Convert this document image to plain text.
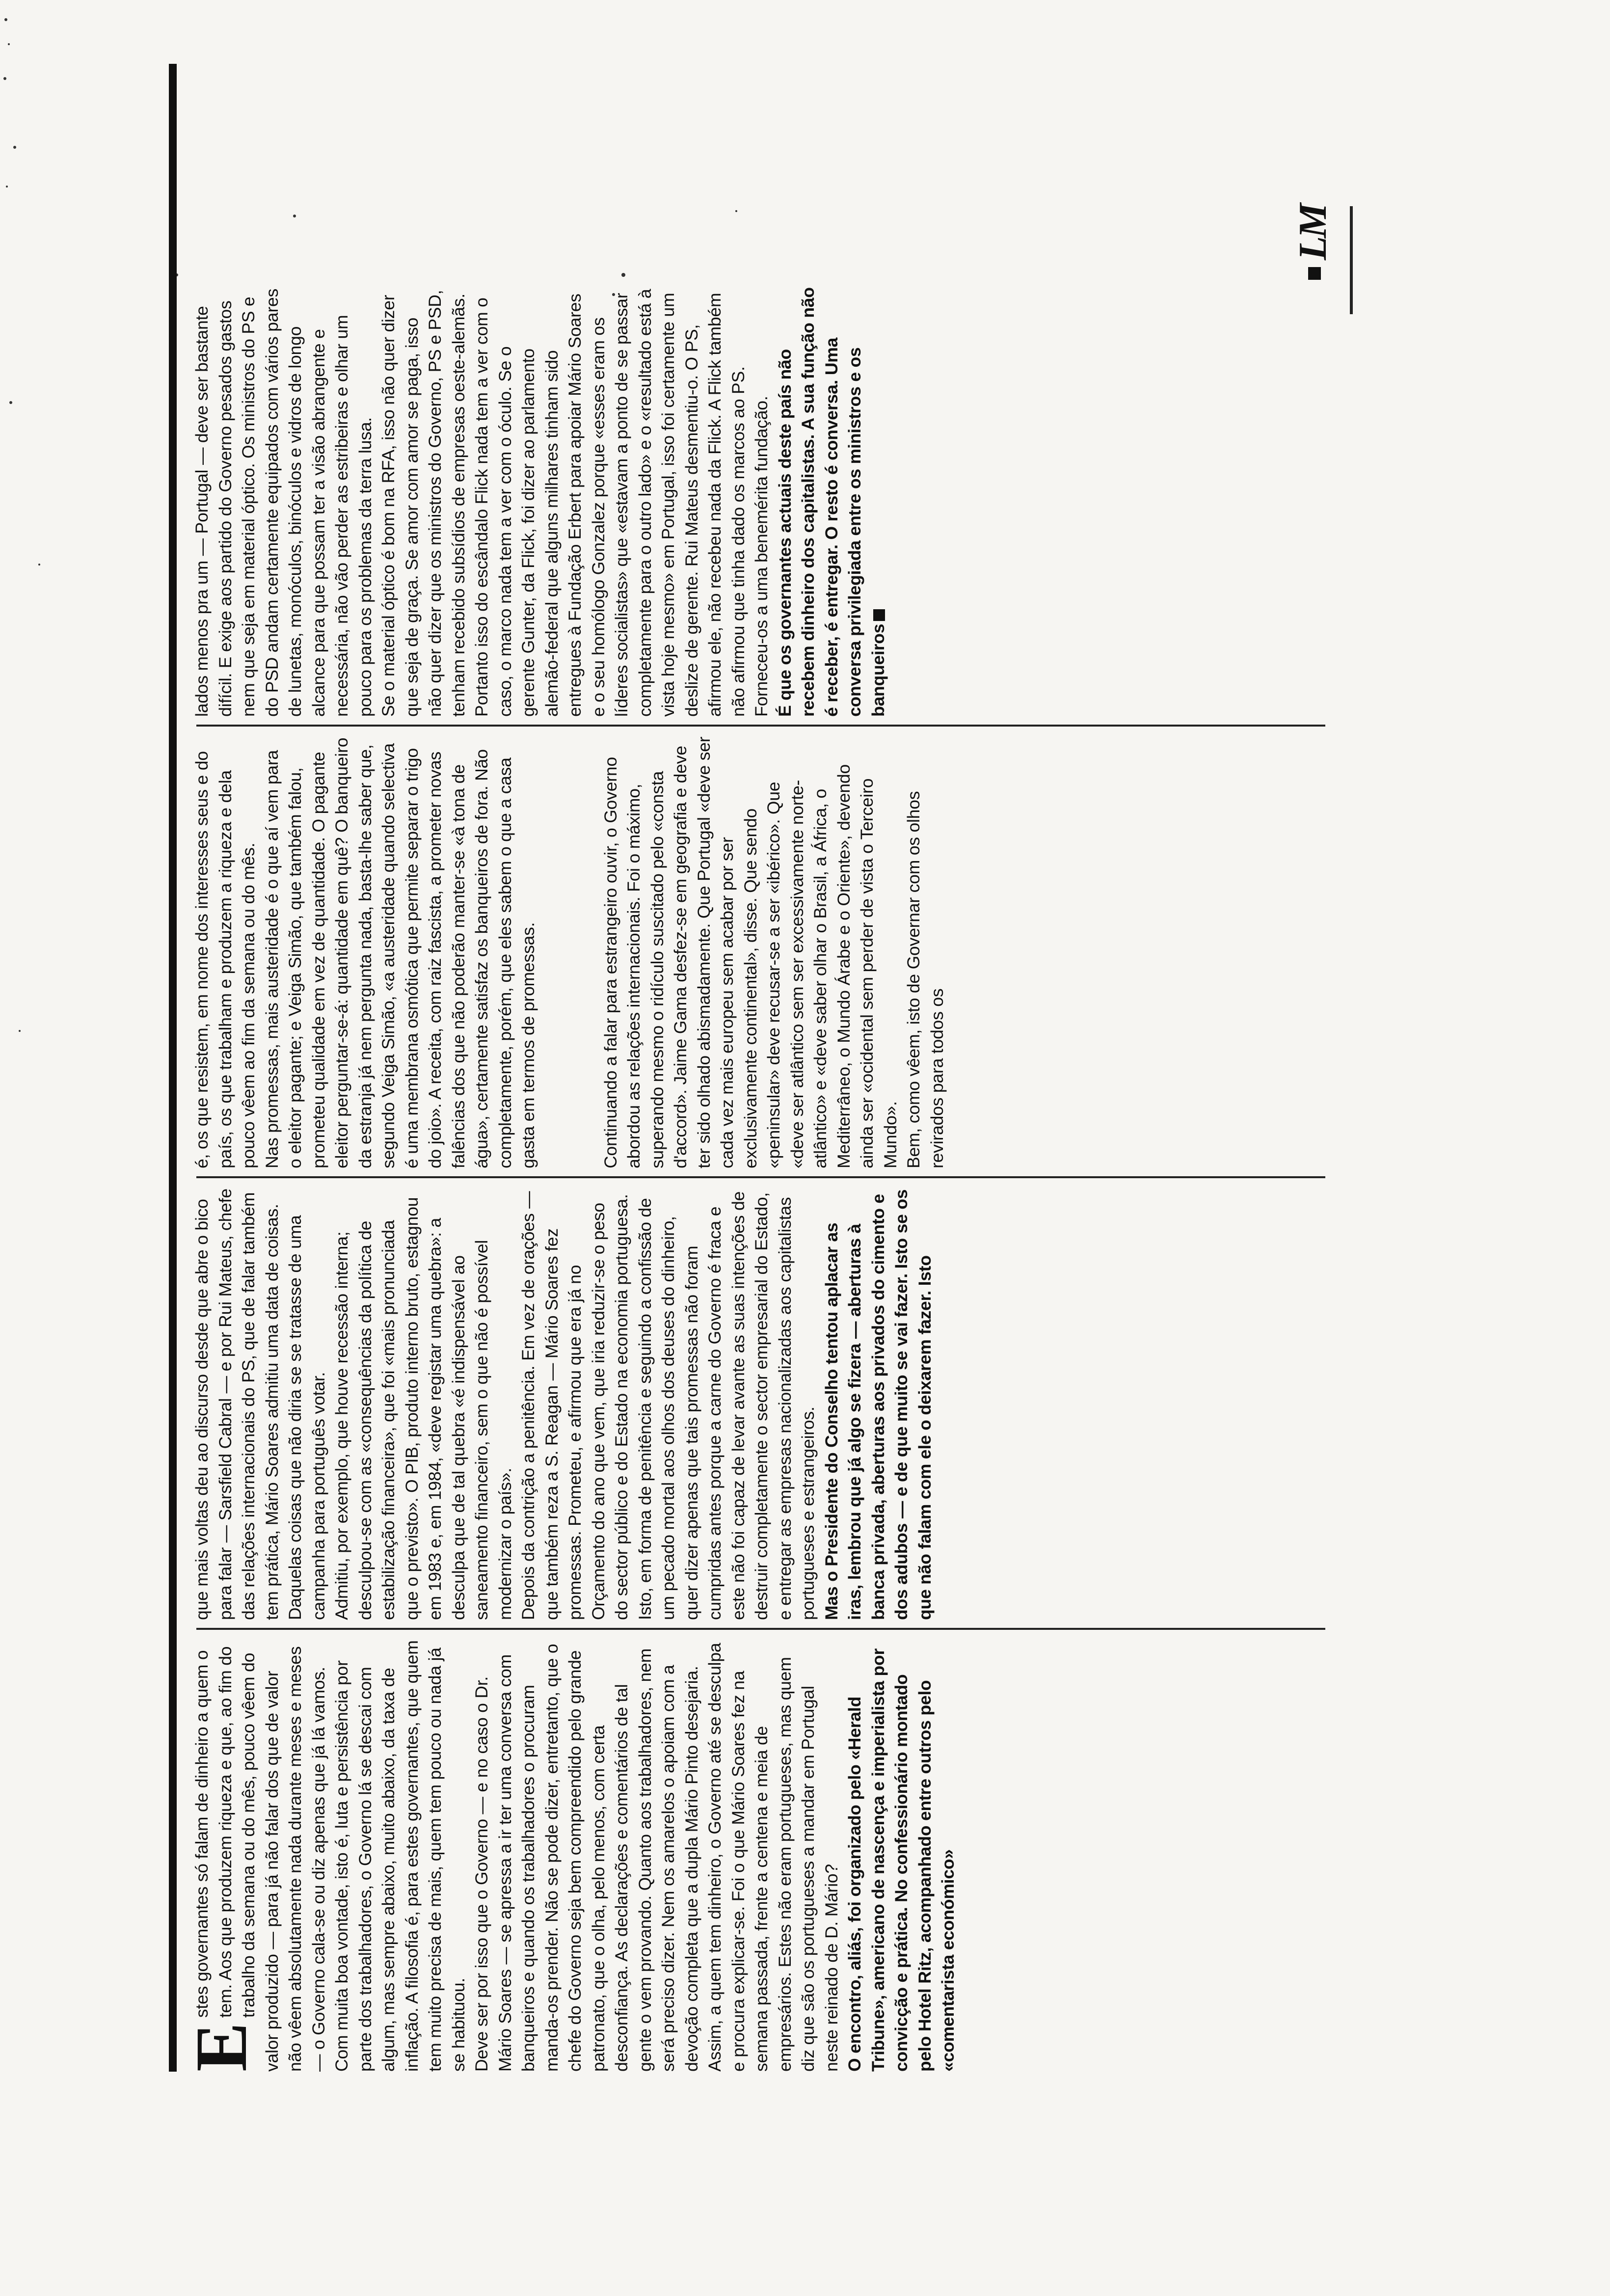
E

stes governantes só falam de dinheiro a quem o tem. Aos que produzem riqueza e que, ao fim do trabalho da semana ou do mês, pouco vêem do valor produzido — para já não falar dos que de valor não vêem absolutamente nada durante meses e meses — o Governo cala-se ou diz apenas que já lá vamos. Com muita boa vontade, isto é, luta e persistência por parte dos trabalhadores, o Governo lá se descai com algum, mas sempre abaixo, muito abaixo, da taxa de inflação. A filosofia é, para estes governantes, que quem tem muito precisa de mais, quem tem pouco ou nada já se habituou. Deve ser por isso que o Governo — e no caso o Dr. Mário Soares — se apressa a ir ter uma conversa com banqueiros e quando os trabalhadores o procuram manda-os prender. Não se pode dizer, entretanto, que o chefe do Governo seja bem compreendido pelo grande patronato, que o olha, pelo menos, com certa desconfiança. As declarações e comentários de tal gente o vem provando. Quanto aos trabalhadores, nem será preciso dizer. Nem os amarelos o apoiam com a devoção completa que a dupla Mário Pinto desejaria. Assim, a quem tem dinheiro, o Governo até se desculpa e procura explicar-se. Foi o que Mário Soares fez na semana passada, frente a centena e meia de empresários. Estes não eram portugueses, mas quem diz que são os portugueses a mandar em Portugal neste reinado de D. Mário? O encontro, aliás, foi organizado pelo «Herald Tribune», americano de nascença e imperialista por convicção e prática. No confessionário montado pelo Hotel Ritz, acompanhado entre outros pelo «comentarista económico»

que mais voltas deu ao discurso desde que abre o bico para falar — Sarsfield Cabral — e por Rui Mateus, chefe das relações internacionais do PS, que de falar também tem prática, Mário Soares admitiu uma data de coisas. Daquelas coisas que não diria se se tratasse de uma campanha para português votar. Admitiu, por exemplo, que houve recessão interna; desculpou-se com as «consequências da política de estabilização financeira», que foi «mais pronunciada que o previsto». O PIB, produto interno bruto, estagnou em 1983 e, em 1984, «deve registar uma quebra»: a desculpa que de tal quebra «é indispensável ao saneamento financeiro, sem o que não é possível modernizar o país». Depois da contrição a penitência. Em vez de orações — que também reza a S. Reagan — Mário Soares fez promessas. Prometeu, e afirmou que era já no Orçamento do ano que vem, que iria reduzir-se o peso do sector público e do Estado na economia portuguesa. Isto, em forma de penitência e seguindo a confissão de um pecado mortal aos olhos dos deuses do dinheiro, quer dizer apenas que tais promessas não foram cumpridas antes porque a carne do Governo é fraca e este não foi capaz de levar avante as suas intenções de destruir completamente o sector empresarial do Estado, e entregar as empresas nacionalizadas aos capitalistas portugueses e estrangeiros. Mas o Presidente do Conselho tentou aplacar as iras, lembrou que já algo se fizera — aberturas à banca privada, aberturas aos privados do cimento e dos adubos — e de que muito se vai fazer. Isto se os que não falam com ele o deixarem fazer. Isto

é, os que resistem, em nome dos interesses seus e do país, os que trabalham e produzem a riqueza e dela pouco vêem ao fim da semana ou do mês. Nas promessas, mais austeridade é o que aí vem para o eleitor pagante; e Veiga Simão, que também falou, prometeu qualidade em vez de quantidade. O pagante eleitor perguntar-se-á: quantidade em quê? O banqueiro da estranja já nem pergunta nada, basta-lhe saber que, segundo Veiga Simão, «a austeridade quando selectiva é uma membrana osmótica que permite separar o trigo do joio». A receita, com raiz fascista, a prometer novas falências dos que não poderão manter-se «à tona de água», certamente satisfaz os banqueiros de fora. Não completamente, porém, que eles sabem o que a casa gasta em termos de promessas.	Continuando a falar para estrangeiro ouvir, o Governo abordou as relações internacionais. Foi o máximo, superando mesmo o ridículo suscitado pelo «consta d'accord». Jaime Gama desfez-se em geografia e deve ter sido olhado abismadamente. Que Portugal «deve ser cada vez mais europeu sem acabar por ser exclusivamente continental», disse. Que sendo «peninsular» deve recusar-se a ser «ibérico». Que «deve ser atlântico sem ser excessivamente norte-atlântico» e «deve saber olhar o Brasil, a África, o Mediterrâneo, o Mundo Árabe e o Oriente», devendo ainda ser «ocidental sem perder de vista o Terceiro Mundo». Bem, como vêem, isto de Governar com os olhos revirados para todos os

lados menos pra um — Portugal — deve ser bastante difícil. E exige aos partido do Governo pesados gastos nem que seja em material óptico. Os ministros do PS e do PSD andam certamente equipados com vários pares de lunetas, monóculos, binóculos e vidros de longo alcance para que possam ter a visão abrangente e necessária, não vão perder as estribeiras e olhar um pouco para os problemas da terra lusa. Se o material óptico é bom na RFA, isso não quer dizer que seja de graça. Se amor com amor se paga, isso não quer dizer que os ministros do Governo, PS e PSD, tenham recebido subsídios de empresas oeste-alemãs. Portanto isso do escândalo Flick nada tem a ver com o caso, o marco nada tem a ver com o óculo. Se o gerente Gunter, da Flick, foi dizer ao parlamento alemão-federal que alguns milhares tinham sido entregues à Fundação Erbert para apoiar Mário Soares e o seu homólogo Gonzalez porque «esses eram os líderes socialistas» que «estavam a ponto de se passar completamente para o outro lado» e o «resultado está à vista hoje mesmo» em Portugal, isso foi certamente um deslize de gerente. Rui Mateus desmentiu-o. O PS, afirmou ele, não recebeu nada da Flick. A Flick também não afirmou que tinha dado os marcos ao PS. Forneceu-os a uma benemérita fundação. É que os governantes actuais deste país não recebem dinheiro dos capitalistas. A sua função não é receber, é entregar. O resto é conversa. Uma conversa privilegiada entre os ministros e os banqueiros

LM
